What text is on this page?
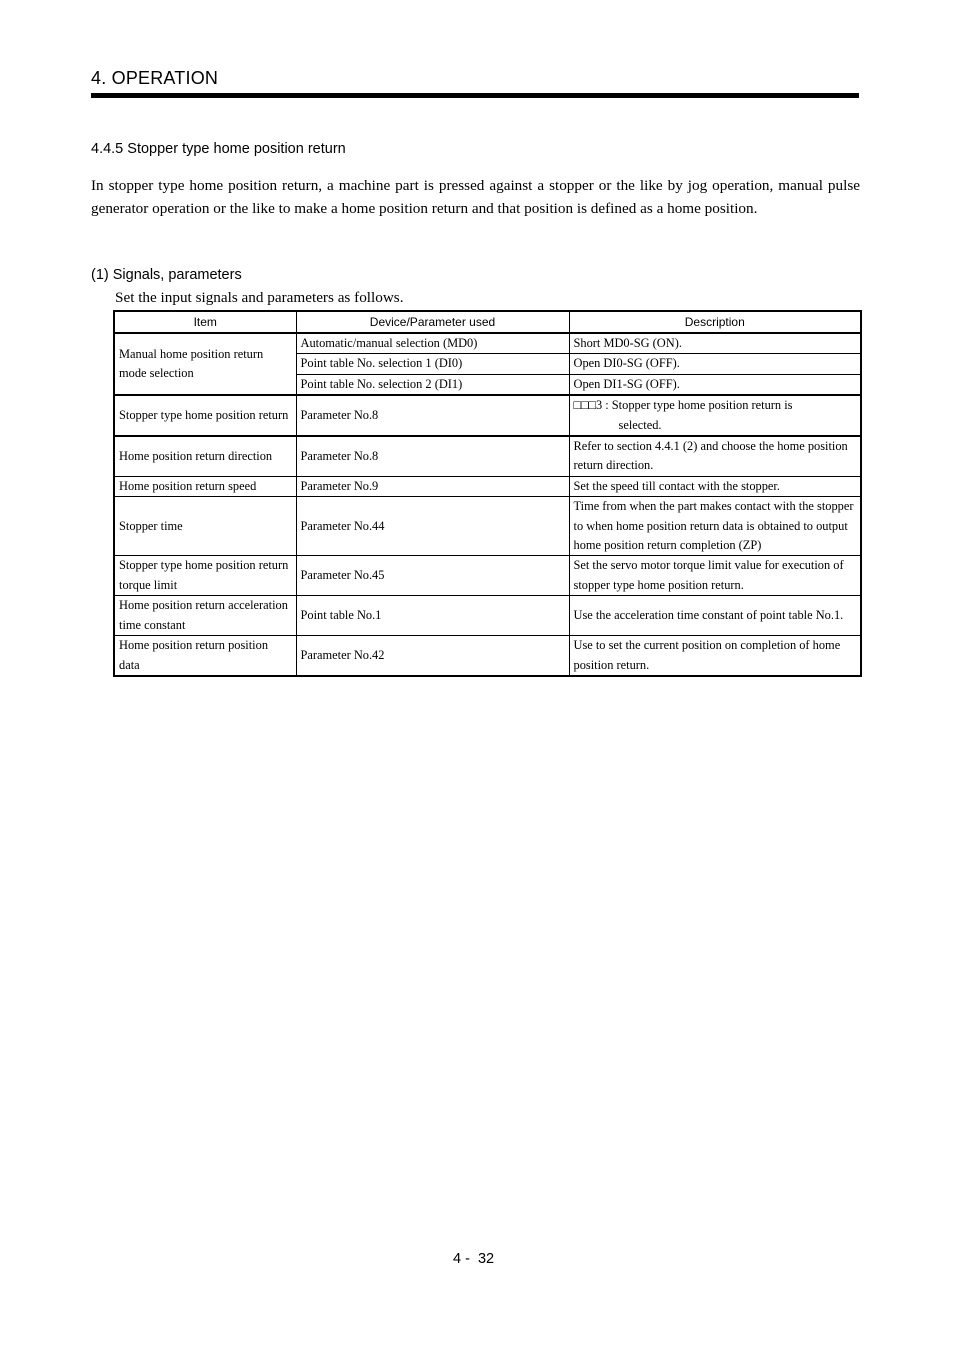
4. OPERATION
4.4.5 Stopper type home position return

In stopper type home position return, a machine part is pressed against a stopper or the like by jog operation, manual pulse generator operation or the like to make a home position return and that position is defined as a home position.

(1) Signals, parameters
Set the input signals and parameters as follows.
Item	Device/Parameter used	Description
Manual home position return mode selection	Automatic/manual selection (MD0)	Short MD0-SG (ON).
	Point table No. selection 1 (DI0)	Open DI0-SG (OFF).
	Point table No. selection 2 (DI1)	Open DI1-SG (OFF).
Stopper type home position return	Parameter No.8	□□□3 : Stopper type home position return is
selected.

Home position return direction	Parameter No.8	Refer to section 4.4.1 (2) and choose the home position return direction.
Home position return speed	Parameter No.9	Set the speed till contact with the stopper.
Stopper time	Parameter No.44	Time from when the part makes contact with the stopper to when home position return data is obtained to output home position return completion (ZP)
Stopper type home position return torque limit	Parameter No.45	Set the servo motor torque limit value for execution of stopper type home position return.
Home position return acceleration time constant	Point table No.1	Use the acceleration time constant of point table No.1.
Home position return position data	Parameter No.42	Use to set the current position on completion of home position return.
4 -  32
